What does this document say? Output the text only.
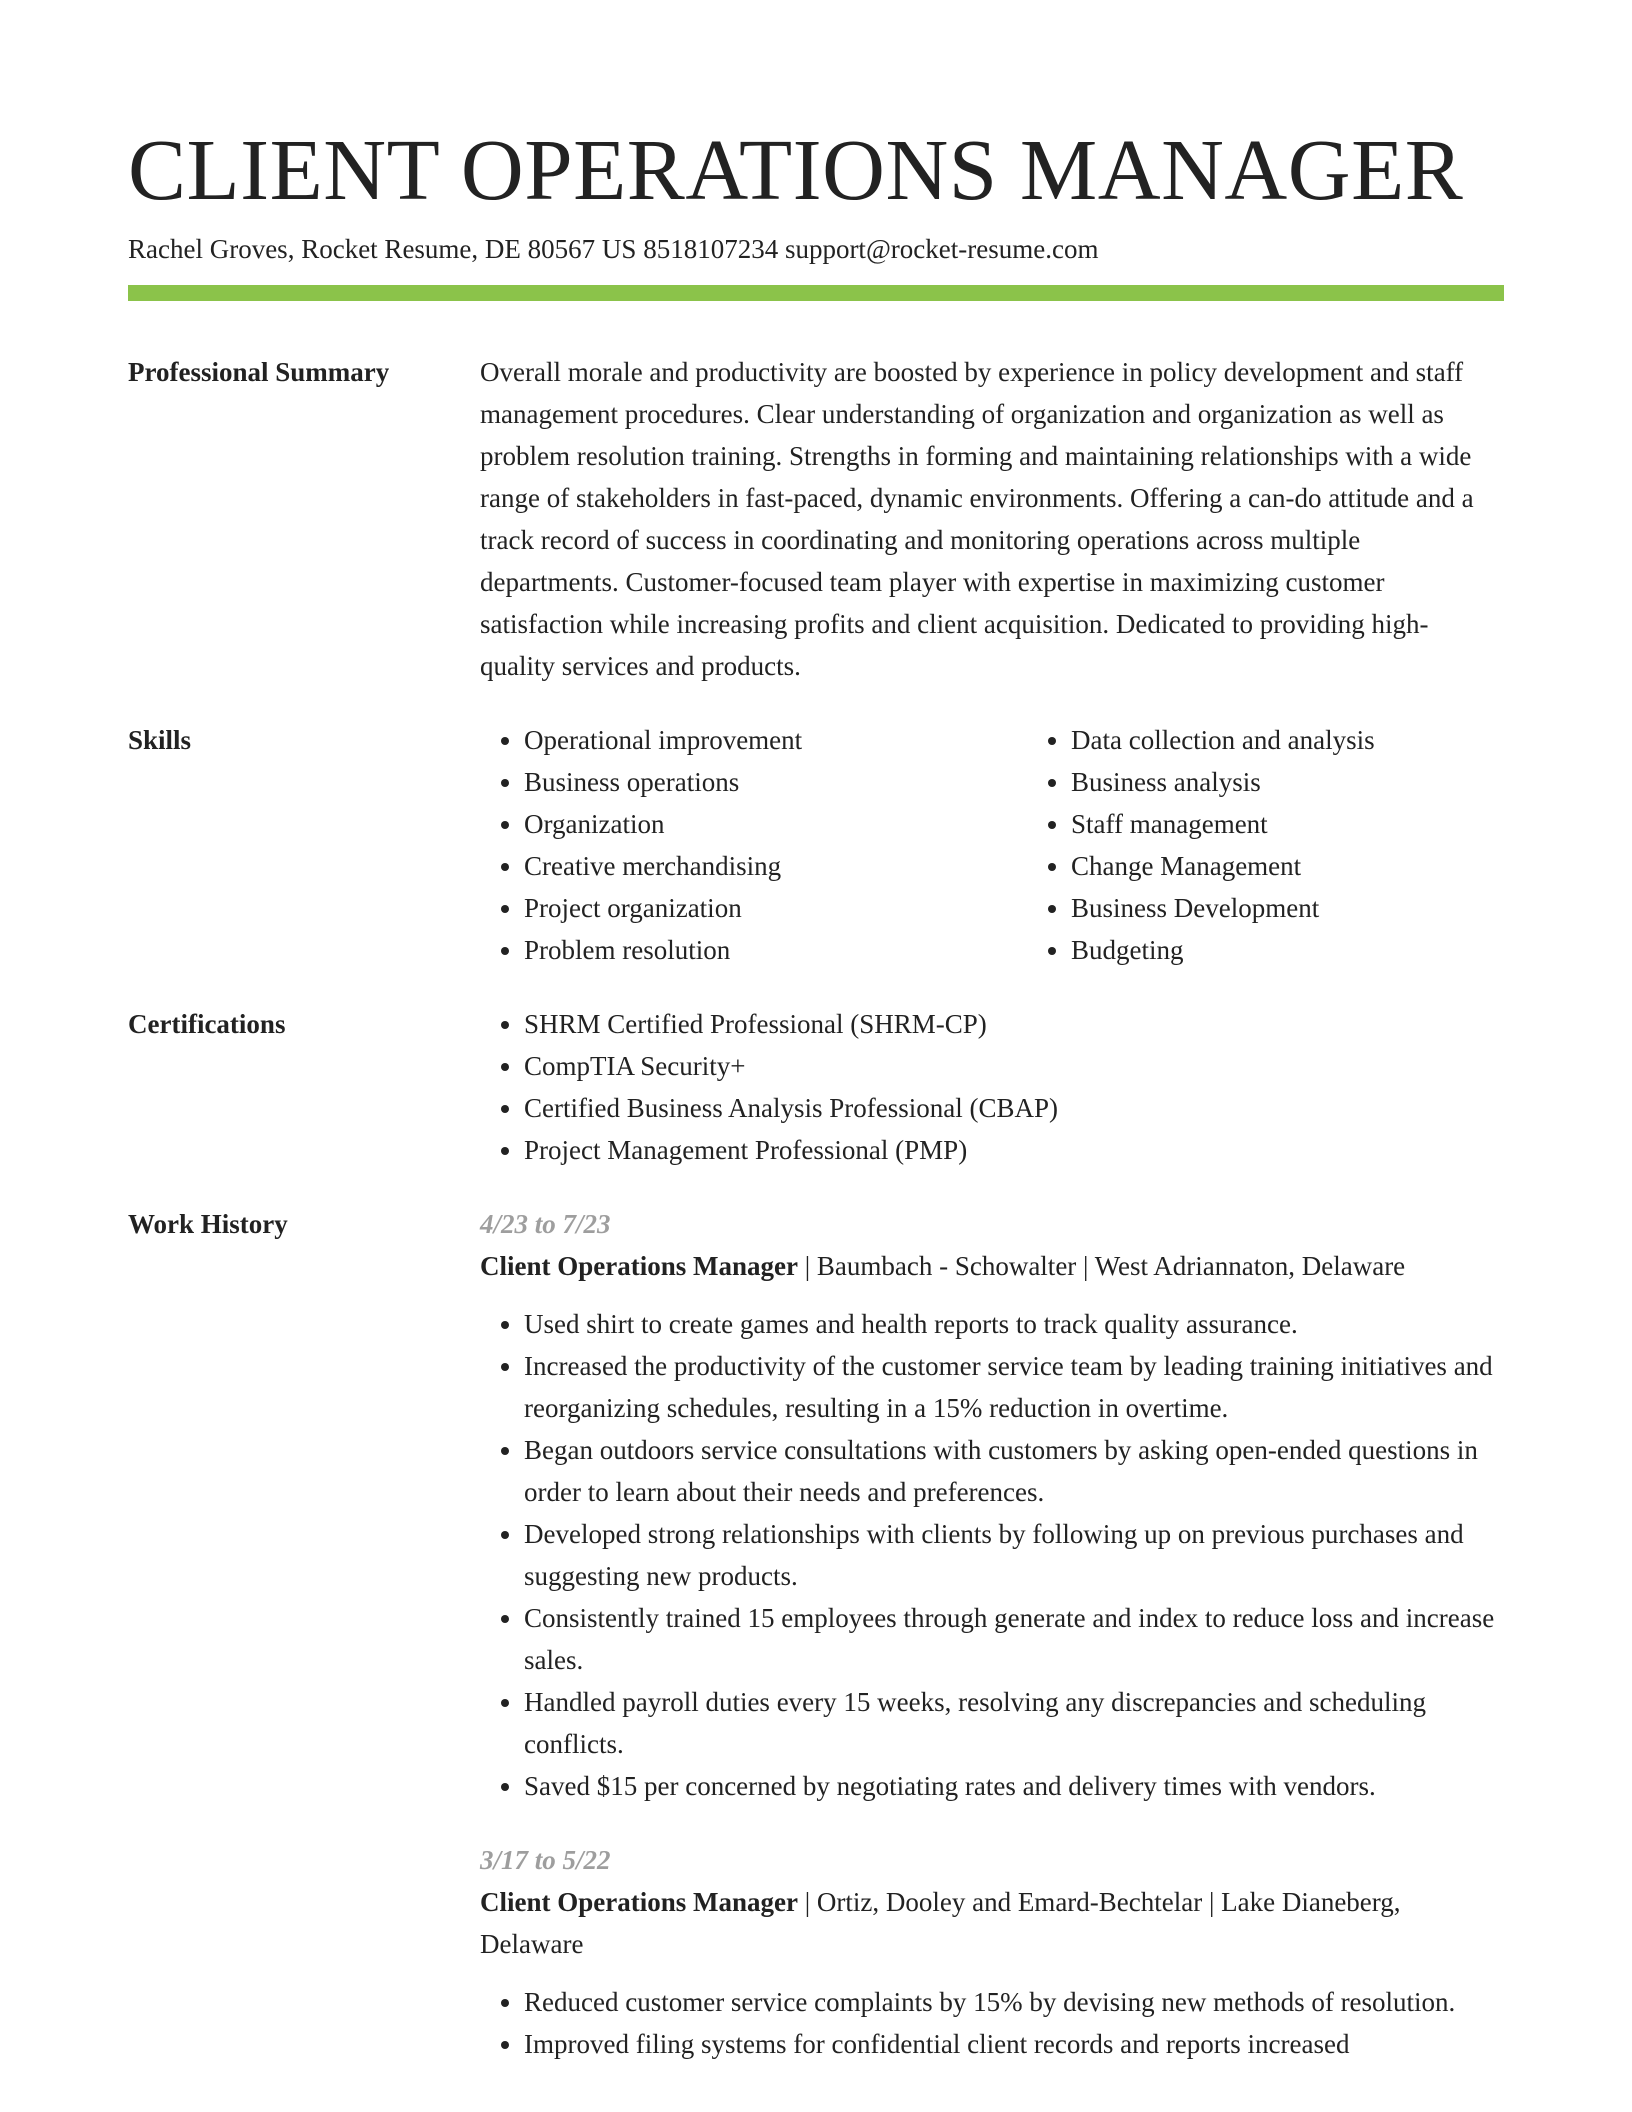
CLIENT OPERATIONS MANAGER
Rachel Groves, Rocket Resume, DE 80567 US 8518107234 support@rocket-resume.com
Professional Summary	Overall morale and productivity are boosted by experience in policy development and staff management procedures. Clear understanding of organization and organization as well as problem resolution training. Strengths in forming and maintaining relationships with a wide range of stakeholders in fast-paced, dynamic environments. Offering a can-do attitude and a track record of success in coordinating and monitoring operations across multiple departments. Customer-focused team player with expertise in maximizing customer satisfaction while increasing profits and client acquisition. Dedicated to providing high-quality services and products.
Skills	• Operational improvement
• Business operations
• Organization
• Creative merchandising
• Project organization
• Problem resolution
• Data collection and analysis
• Business analysis
• Staff management
• Change Management
• Business Development
• Budgeting
Certifications	• SHRM Certified Professional (SHRM-CP)
• CompTIA Security+
• Certified Business Analysis Professional (CBAP)
• Project Management Professional (PMP)
Work History	4/23 to 7/23
Client Operations Manager | Baumbach - Schowalter | West Adriannaton, Delaware
• Used shirt to create games and health reports to track quality assurance.
• Increased the productivity of the customer service team by leading training initiatives and reorganizing schedules, resulting in a 15% reduction in overtime.
• Began outdoors service consultations with customers by asking open-ended questions in order to learn about their needs and preferences.
• Developed strong relationships with clients by following up on previous purchases and suggesting new products.
• Consistently trained 15 employees through generate and index to reduce loss and increase sales.
• Handled payroll duties every 15 weeks, resolving any discrepancies and scheduling conflicts.
• Saved $15 per concerned by negotiating rates and delivery times with vendors.
3/17 to 5/22
Client Operations Manager | Ortiz, Dooley and Emard-Bechtelar | Lake Dianeberg, Delaware
• Reduced customer service complaints by 15% by devising new methods of resolution.
• Improved filing systems for confidential client records and reports increased
